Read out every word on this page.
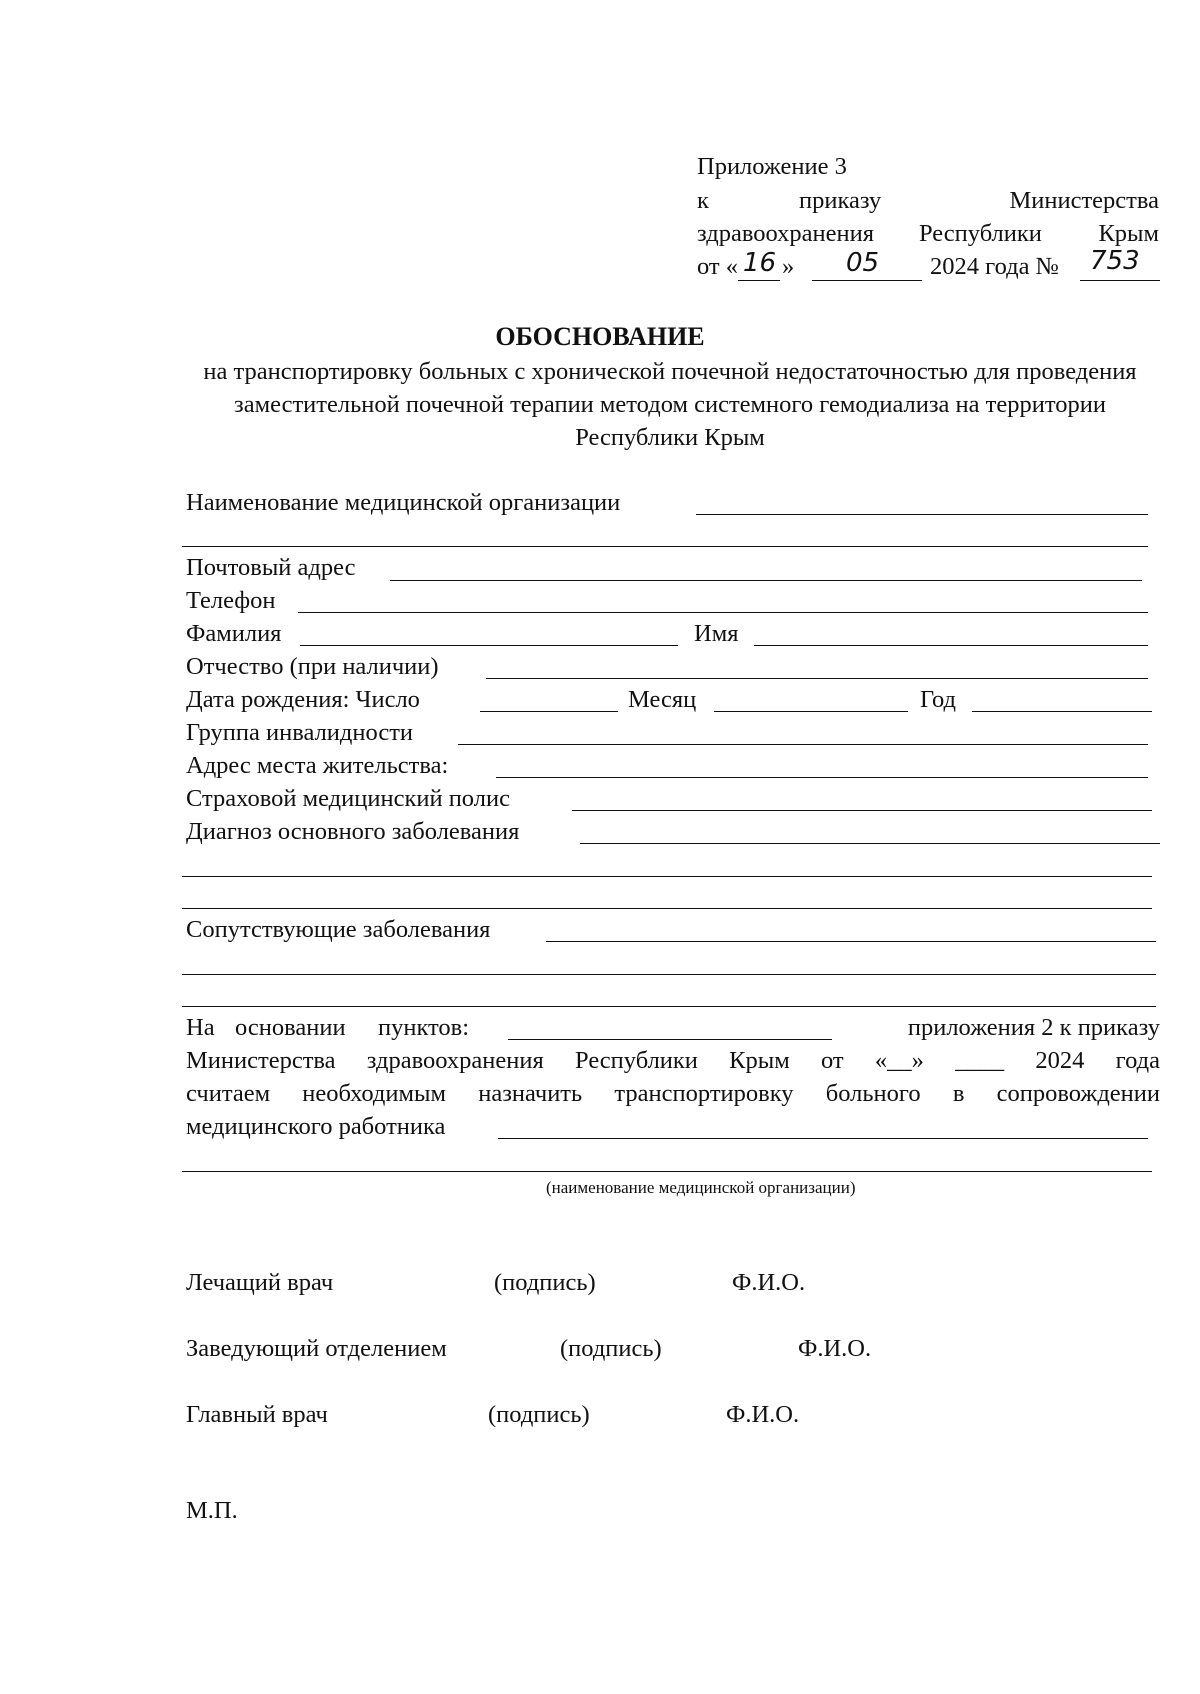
Приложение 3
к	приказу	Министерства
здравоохранения Республики Крым
от « 16 » 05 2024 года № 753
ОБОСНОВАНИЕ
на транспортировку больных с хронической почечной недостаточностью для проведения заместительной почечной терапии методом системного гемодиализа на территории Республики Крым
Наименование медицинской организации
Почтовый адрес
Телефон
Фамилия	Имя
Отчество (при наличии)
Дата рождения: Число	Месяц	Год
Группа инвалидности
Адрес места жительства:
Страховой медицинский полис
Диагноз основного заболевания
Сопутствующие заболевания
На основании пунктов:	приложения 2 к приказу
Министерства здравоохранения Республики Крым от «__» ____ 2024 года
считаем необходимым назначить транспортировку больного в сопровождении
медицинского работника
(наименование медицинской организации)
Лечащий врач	(подпись)	Ф.И.О.
Заведующий отделением	(подпись)	Ф.И.О.
Главный врач	(подпись)	Ф.И.О.
М.П.
